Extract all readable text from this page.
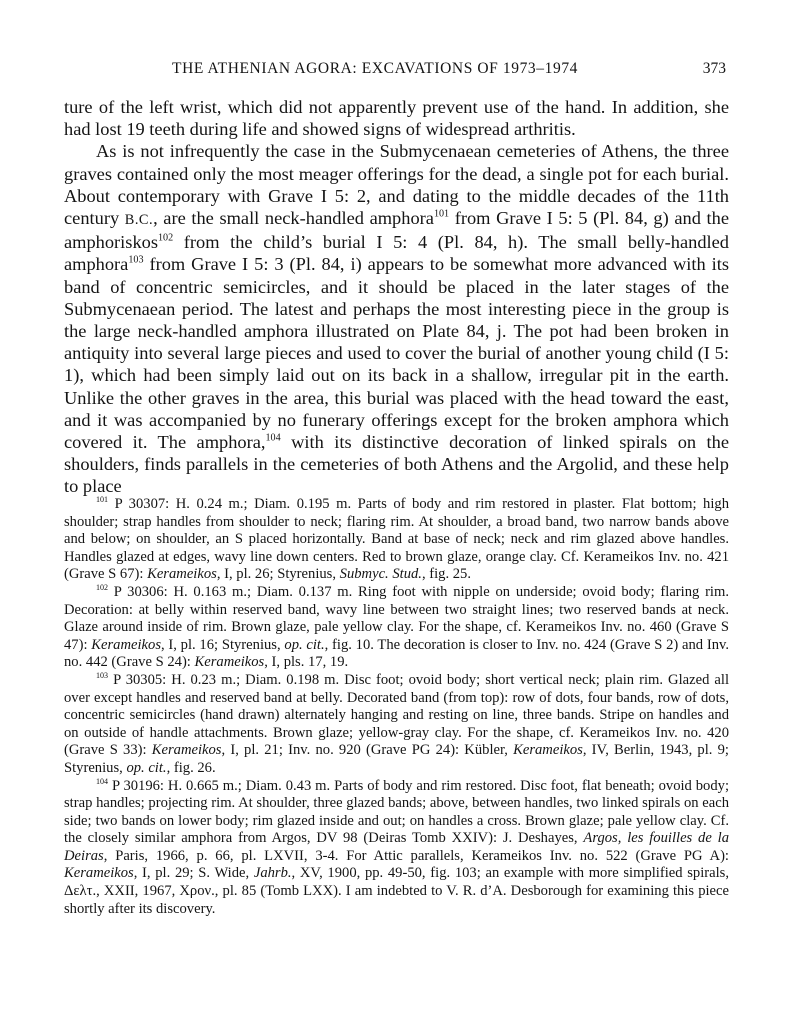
THE ATHENIAN AGORA: EXCAVATIONS OF 1973–1974	373

ture of the left wrist, which did not apparently prevent use of the hand. In addition, she had lost 19 teeth during life and showed signs of widespread arthritis.

As is not infrequently the case in the Submycenaean cemeteries of Athens, the three graves contained only the most meager offerings for the dead, a single pot for each burial. About contemporary with Grave I 5: 2, and dating to the middle decades of the 11th century B.C., are the small neck-handled amphora$^{101}$ from Grave I 5: 5 (Pl. 84, g) and the amphoriskos$^{102}$ from the child’s burial I 5: 4 (Pl. 84, h). The small belly-handled amphora$^{103}$ from Grave I 5: 3 (Pl. 84, i) appears to be somewhat more advanced with its band of concentric semicircles, and it should be placed in the later stages of the Submycenaean period. The latest and perhaps the most interesting piece in the group is the large neck-handled amphora illustrated on Plate 84, j. The pot had been broken in antiquity into several large pieces and used to cover the burial of another young child (I 5: 1), which had been simply laid out on its back in a shallow, irregular pit in the earth. Unlike the other graves in the area, this burial was placed with the head toward the east, and it was accompanied by no funerary offerings except for the broken amphora which covered it. The amphora,$^{104}$ with its distinctive decoration of linked spirals on the shoulders, finds parallels in the cemeteries of both Athens and the Argolid, and these help to place

$^{101}$ P 30307: H. 0.24 m.; Diam. 0.195 m. Parts of body and rim restored in plaster. Flat bottom; high shoulder; strap handles from shoulder to neck; flaring rim. At shoulder, a broad band, two narrow bands above and below; on shoulder, an S placed horizontally. Band at base of neck; neck and rim glazed above handles. Handles glazed at edges, wavy line down centers. Red to brown glaze, orange clay. Cf. Kerameikos Inv. no. 421 (Grave S 67): Kerameikos, I, pl. 26; Styrenius, Submyc. Stud., fig. 25.

$^{102}$ P 30306: H. 0.163 m.; Diam. 0.137 m. Ring foot with nipple on underside; ovoid body; flaring rim. Decoration: at belly within reserved band, wavy line between two straight lines; two reserved bands at neck. Glaze around inside of rim. Brown glaze, pale yellow clay. For the shape, cf. Kerameikos Inv. no. 460 (Grave S 47): Kerameikos, I, pl. 16; Styrenius, op. cit., fig. 10. The decoration is closer to Inv. no. 424 (Grave S 2) and Inv. no. 442 (Grave S 24): Kerameikos, I, pls. 17, 19.

$^{103}$ P 30305: H. 0.23 m.; Diam. 0.198 m. Disc foot; ovoid body; short vertical neck; plain rim. Glazed all over except handles and reserved band at belly. Decorated band (from top): row of dots, four bands, row of dots, concentric semicircles (hand drawn) alternately hanging and resting on line, three bands. Stripe on handles and on outside of handle attachments. Brown glaze; yellow-gray clay. For the shape, cf. Kerameikos Inv. no. 420 (Grave S 33): Kerameikos, I, pl. 21; Inv. no. 920 (Grave PG 24): Kübler, Kerameikos, IV, Berlin, 1943, pl. 9; Styrenius, op. cit., fig. 26.

$^{104}$ P 30196: H. 0.665 m.; Diam. 0.43 m. Parts of body and rim restored. Disc foot, flat beneath; ovoid body; strap handles; projecting rim. At shoulder, three glazed bands; above, between handles, two linked spirals on each side; two bands on lower body; rim glazed inside and out; on handles a cross. Brown glaze; pale yellow clay. Cf. the closely similar amphora from Argos, DV 98 (Deiras Tomb XXIV): J. Deshayes, Argos, les fouilles de la Deiras, Paris, 1966, p. 66, pl. LXVII, 3-4. For Attic parallels, Kerameikos Inv. no. 522 (Grave PG A): Kerameikos, I, pl. 29; S. Wide, Jahrb., XV, 1900, pp. 49-50, fig. 103; an example with more simplified spirals, Δελτ., XXII, 1967, Χρον., pl. 85 (Tomb LXX). I am indebted to V. R. d’A. Desborough for examining this piece shortly after its discovery.
